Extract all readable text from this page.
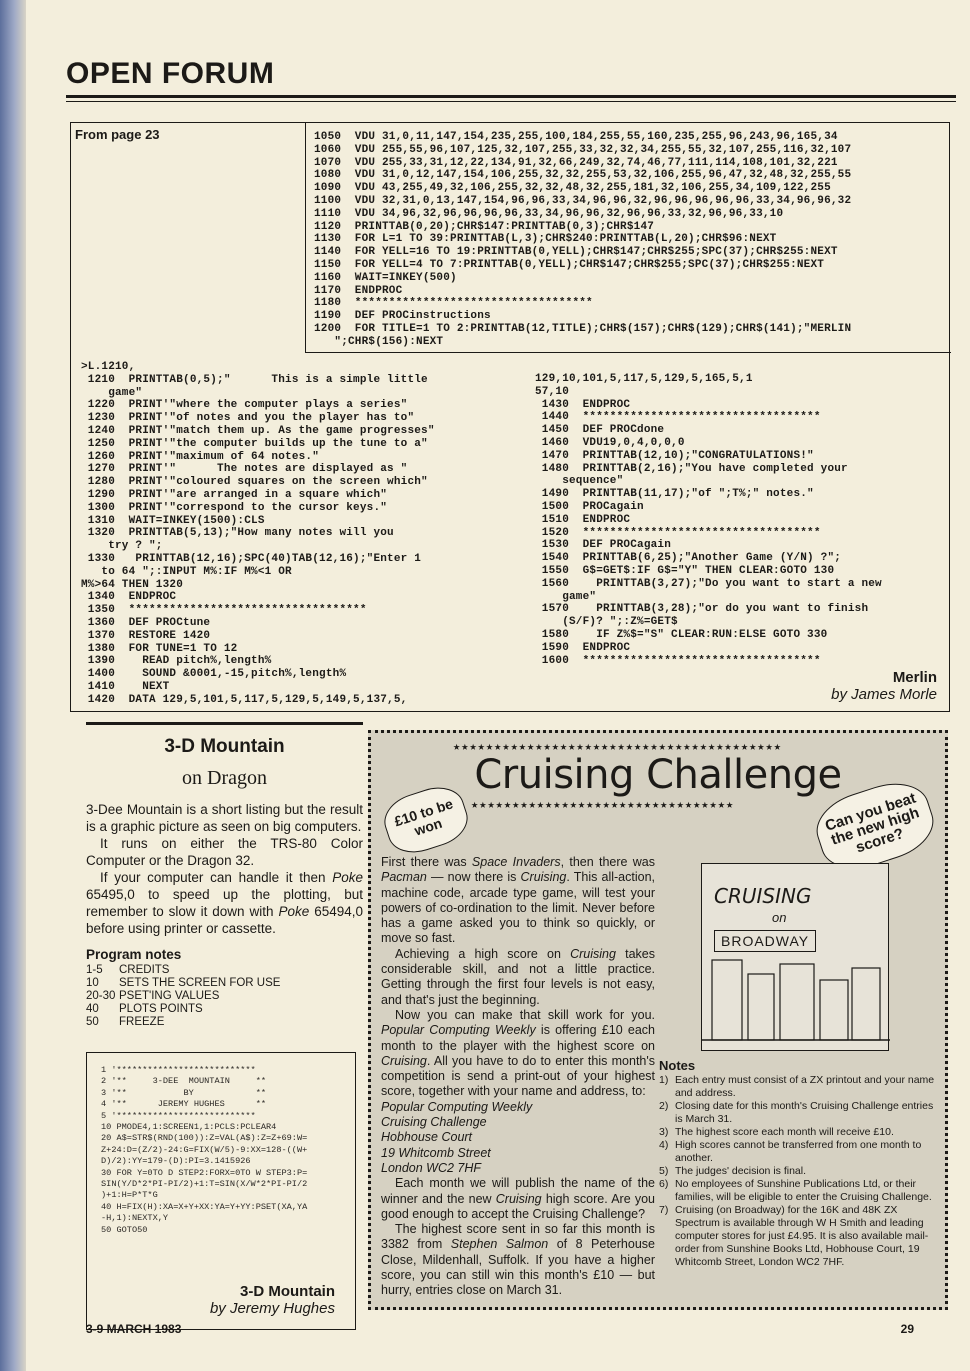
OPEN FORUM
From page 23	1050  VDU 31,0,11,147,154,235,255,100,184,255,55,160,235,255,96,243,96,165,34
1060  VDU 255,55,96,107,125,32,107,255,33,32,32,34,255,55,32,107,255,116,32,107
1070  VDU 255,33,31,12,22,134,91,32,66,249,32,74,46,77,111,114,108,101,32,221
1080  VDU 31,0,12,147,154,106,255,32,32,255,53,32,106,255,96,47,32,48,32,255,55
1090  VDU 43,255,49,32,106,255,32,32,48,32,255,181,32,106,255,34,109,122,255
1100  VDU 32,31,0,13,147,154,96,96,33,34,96,96,32,96,96,96,96,96,33,34,96,96,32
1110  VDU 34,96,32,96,96,96,96,33,34,96,96,32,96,96,33,32,96,96,33,10
1120  PRINTTAB(0,20);CHR$147:PRINTTAB(0,3);CHR$147
1130  FOR L=1 TO 39:PRINTTAB(L,3);CHR$240:PRINTTAB(L,20);CHR$96:NEXT
1140  FOR YELL=16 TO 19:PRINTTAB(0,YELL);CHR$147;CHR$255;SPC(37);CHR$255:NEXT
1150  FOR YELL=4 TO 7:PRINTTAB(0,YELL);CHR$147;CHR$255;SPC(37);CHR$255:NEXT
1160  WAIT=INKEY(500)
1170  ENDPROC
1180  ***********************************
1190  DEF PROCinstructions
1200  FOR TITLE=1 TO 2:PRINTTAB(12,TITLE);CHR$(157);CHR$(129);CHR$(141);"MERLIN
";CHR$(156):NEXT
>L.1210,
1210  PRINTTAB(0,5);"      This is a simple little
game"
1220  PRINT'"where the computer plays a series"
1230  PRINT'"of notes and you the player has to"
1240  PRINT'"match them up. As the game progresses"
1250  PRINT'"the computer builds up the tune to a"
1260  PRINT'"maximum of 64 notes."
1270  PRINT'"      The notes are displayed as "
1280  PRINT'"coloured squares on the screen which"
1290  PRINT'"are arranged in a square which"
1300  PRINT'"correspond to the cursor keys."
1310  WAIT=INKEY(1500):CLS
1320  PRINTTAB(5,13);"How many notes will you
try ? ";
1330   PRINTTAB(12,16);SPC(40)TAB(12,16);"Enter 1
to 64 ";:INPUT M%:IF M%<1 OR
M%>64 THEN 1320
1340  ENDPROC
1350  ***********************************
1360  DEF PROCtune
1370  RESTORE 1420
1380  FOR TUNE=1 TO 12
1390    READ pitch%,length%
1400    SOUND &0001,-15,pitch%,length%
1410    NEXT
1420  DATA 129,5,101,5,117,5,129,5,149,5,137,5,
129,10,101,5,117,5,129,5,165,5,1
57,10
1430  ENDPROC
1440  ***********************************
1450  DEF PROCdone
1460  VDU19,0,4,0,0,0
1470  PRINTTAB(12,10);"CONGRATULATIONS!"
1480  PRINTTAB(2,16);"You have completed your
sequence"
1490  PRINTTAB(11,17);"of ";T%;" notes."
1500  PROCagain
1510  ENDPROC
1520  ***********************************
1530  DEF PROCagain
1540  PRINTTAB(6,25);"Another Game (Y/N) ?";
1550  G$=GET$:IF G$="Y" THEN CLEAR:GOTO 130
1560    PRINTTAB(3,27);"Do you want to start a new
game"
1570    PRINTTAB(3,28);"or do you want to finish
(S/F)? ";:Z%=GET$
1580    IF Z%$="S" CLEAR:RUN:ELSE GOTO 330
1590  ENDPROC
1600  ***********************************
Merlin
by James Morle
3-D Mountain
on Dragon

3-Dee Mountain is a short listing but the result is a graphic picture as seen on big computers.

It runs on either the TRS-80 Color Computer or the Dragon 32.

If your computer can handle it then Poke 65495,0 to speed up the plotting, but remember to slow it down with Poke 65494,0 before using printer or cassette.

Program notes
1-5	CREDITS
10	SETS THE SCREEN FOR USE
20-30 PSET'ING VALUES
40	PLOTS POINTS
50	FREEZE
1 '***************************
2 '**     3-DEE  MOUNTAIN     **
3 '**           BY            **
4 '**      JEREMY HUGHES      **
5 '***************************
10 PMODE4,1:SCREEN1,1:PCLS:PCLEAR4
20 A$=STR$(RND(100)):Z=VAL(A$):Z=Z+69:W=
Z+24:D=(Z/2)-24:G=FIX(W/5)-9:XX=128-((W+
D)/2):YY=179-(D):PI=3.1415926
30 FOR Y=0TO D STEP2:FORX=0TO W STEP3:P=
SIN(Y/D*2*PI-PI/2)+1:T=SIN(X/W*2*PI-PI/2
)+1:H=P*T*G
40 H=FIX(H):XA=X+Y+XX:YA=Y+YY:PSET(XA,YA
-H,1):NEXTX,Y
50 GOTO50
3-D Mountain
by Jeremy Hughes
★★★★★★★★★★★★★★★★★★★★★★★★★★★★★★★★★★★★★★★★
Cruising Challenge
★★★★★★★★★★★★★★★★★★★★★★★★★★★★★★★★
£10 to be won	Can you beat the new high score?

First there was Space Invaders, then there was Pacman — now there is Cruising. This all-action, machine code, arcade type game, will test your powers of co-ordination to the limit. Never before has a game asked you to think so quickly, or move so fast.

Achieving a high score on Cruising takes considerable skill, and not a little practice. Getting through the first four levels is not easy, and that's just the beginning.

Now you can make that skill work for you. Popular Computing Weekly is offering £10 each month to the player with the highest score on Cruising. All you have to do to enter this month's competition is send a print-out of your highest score, together with your name and address, to:

Popular Computing Weekly

Cruising Challenge

Hobhouse Court

19 Whitcomb Street

London WC2 7HF

Each month we will publish the name of the winner and the new Cruising high score. Are you good enough to accept the Cruising Challenge?

The highest score sent in so far this month is 3382 from Stephen Salmon of 8 Peterhouse Close, Mildenhall, Suffolk. If you have a higher score, you can still win this month's £10 — but hurry, entries close on March 31.

CRUISING
on
BROADWAY
Notes
1) Each entry must consist of a ZX printout and your name and address.
2) Closing date for this month's Cruising Challenge entries is March 31.
3) The highest score each month will receive £10.
4) High scores cannot be transferred from one month to another.
5) The judges' decision is final.
6) No employees of Sunshine Publications Ltd, or their families, will be eligible to enter the Cruising Challenge.
7) Cruising (on Broadway) for the 16K and 48K ZX Spectrum is available through W H Smith and leading computer stores for just £4.95. It is also available mail-order from Sunshine Books Ltd, Hobhouse Court, 19 Whitcomb Street, London WC2 7HF.
3-9 MARCH 1983	29
